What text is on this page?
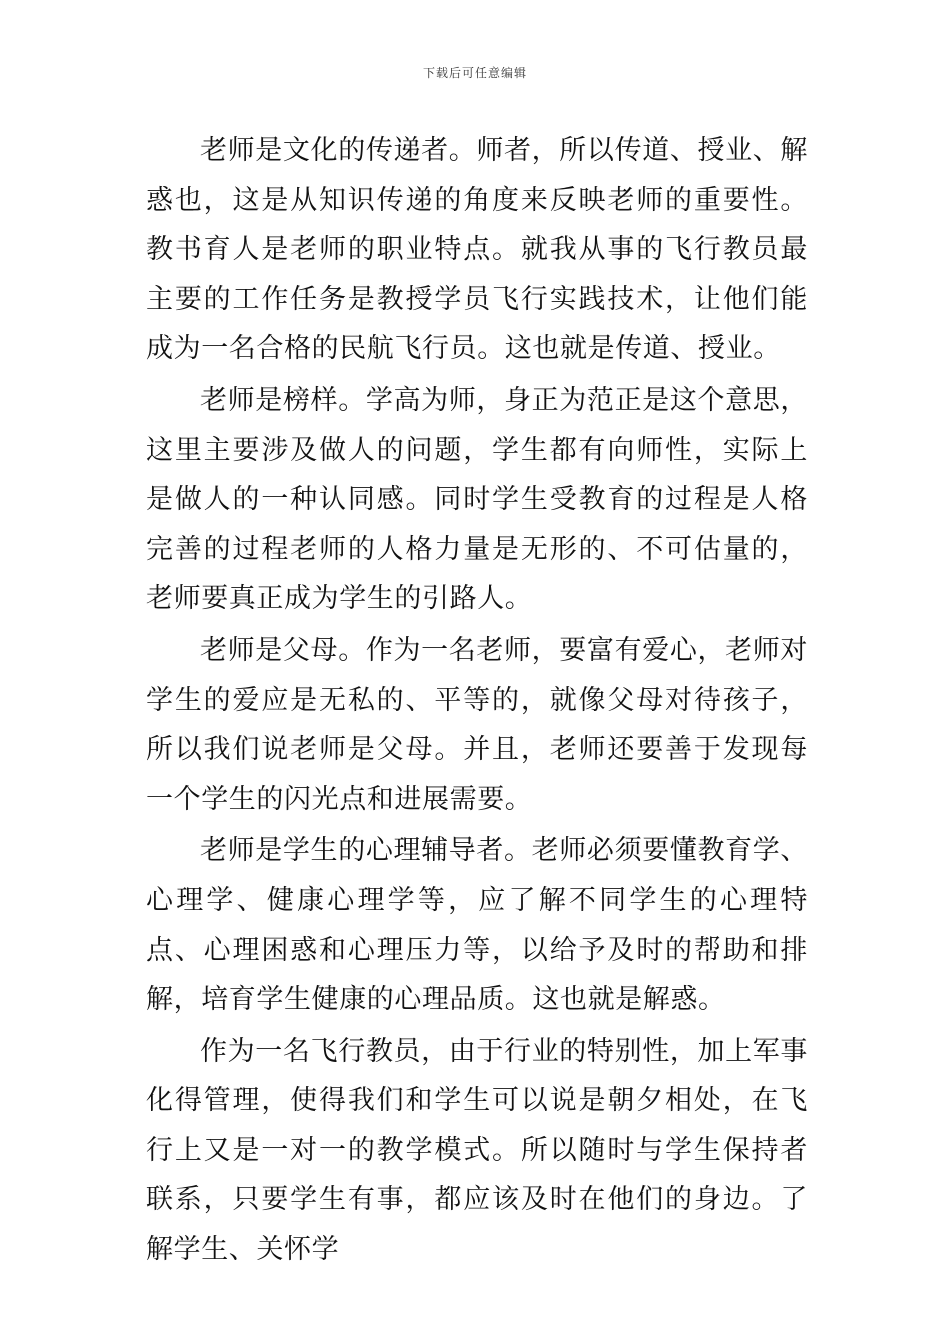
下载后可任意编辑

老师是文化的传递者。师者，所以传道、授业、解惑也，这是从知识传递的角度来反映老师的重要性。教书育人是老师的职业特点。就我从事的飞行教员最主要的工作任务是教授学员飞行实践技术，让他们能成为一名合格的民航飞行员。这也就是传道、授业。

老师是榜样。学高为师，身正为范正是这个意思，这里主要涉及做人的问题，学生都有向师性，实际上是做人的一种认同感。同时学生受教育的过程是人格完善的过程老师的人格力量是无形的、不可估量的，老师要真正成为学生的引路人。

老师是父母。作为一名老师，要富有爱心，老师对学生的爱应是无私的、平等的，就像父母对待孩子，所以我们说老师是父母。并且，老师还要善于发现每一个学生的闪光点和进展需要。

老师是学生的心理辅导者。老师必须要懂教育学、心理学、健康心理学等，应了解不同学生的心理特点、心理困惑和心理压力等，以给予及时的帮助和排解，培育学生健康的心理品质。这也就是解惑。

作为一名飞行教员，由于行业的特别性，加上军事化得管理，使得我们和学生可以说是朝夕相处，在飞行上又是一对一的教学模式。所以随时与学生保持者联系，只要学生有事，都应该及时在他们的身边。了解学生、关怀学
